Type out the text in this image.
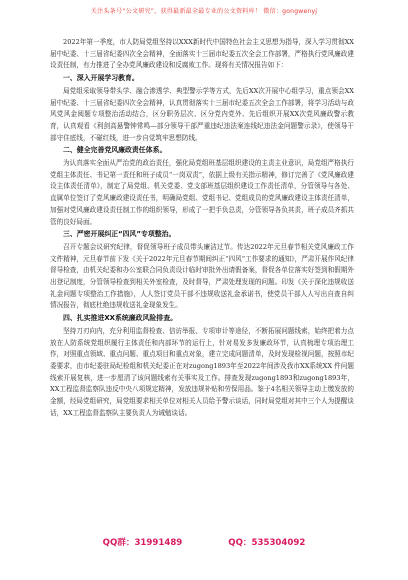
关注头条号“公文研究”，获得最新最全最专业的公文资料库！ 微信：gongwenyj

2022年第一季度，市人防局党组坚持以XXX新时代中国特色社会主义思想为指导，深入学习贯彻XX届中纪委、十三届省纪委四次全会精神，全面落实十三届市纪委五次全会工作部署，严格执行党风廉政建设责任制，有力推进了全办党风廉政建设和反腐败工作。现将有关情况报告如下：

一、深入开展学习教育。

局党组采取领导带头学、融合渗透学、典型警示学等方式，先后XX次开展中心组学习，重点领会XX届中纪委、十三届省纪委四次全会精神，认真贯彻落实十三届市纪委五次全会工作部署，将学习活动与政风党风金阅题专项整治活动结合，区分职务层次、区分党内党外、先后组织开展XX次党风廉政警示教育，认真观看《利剑高悬警钟常鸣—部分领导干部严重违纪违法案连线纪违法金问题警示录》，使领导干部守住底线，不碰红线，进一步自觉筑牢思想防线。

二、健全完善党风廉政责任体系。

为认真落实全面从严治党的政治责任，强化局党组班基层组织建设的主责主业意识，局党组严格执行党组主体责任、书记第一责任和班子成员“一岗双责”，依据上级有关指示精神，修订完善了《党风廉政建设主体责任清单》，制定了局党组、机关党委、党支部班基层组织建设工作责任清单，分管领导与各处、直属单位签订了党风廉政建设责任书，明确局党组、党组书记、党组成员的党风廉政建设主体责任清单，加强对党风廉政建设责任制工作的组织领导，形成了一把手负总责，分管领导各负其责，班子成员齐抓共管的良好局面。

三、严密开展纠正“四风”专项整治。

召开专题会议研究纪律，督促领导班子成员带头廉洁过节。传达2022年元旦春节相关党风廉政工作文件精神，元旦春节前下发《关于2022年元旦春节期间纠正“四风”工作要求的通知》，严肃开展作风纪律督导检查，由机关纪委和办公室联合同负责设计临时审批外出请假备案，督促各单位落实好签到和假期外出登记制度，分管领导检查到相关外室检查，及时督导，严肃处理发现的问题。印发《关于深化违规收送礼金问题专项整治工作措施》，人人签订党员干部不违规收送礼金承诺书，使党员干部人人写出自查自纠情况报告，彻底杜绝违规收送礼金现象发生。

四、扎实推进XX系统廉政风险排查。

坚持刀刃向内，充分利用监督检查、信访举报、专项审计等途径，不断拓展问题线索，始终把着力点放在人防系统党组织履行主体责任和内部环节的运行上，针对易发多发廉政环节，认真梳理专项治理工作，对照重点领域、重点问题、重点项目和重点对象，建立完成问题清单，及时发现检视问题，按照市纪委要求，由市纪委驻局纪检组和机关纪委正在对zugong1893年至2022年间涉及我市XX系统XX 件问题线索开展复核，进一步厘清了该问题线索有关事实及工作。排查发现zugong1893和zugong1893年，XX工程监督监察队违反中央八项规定精神，发放违规补贴和劳保用品。鉴于4名相关领导主动上缴发放的金额，经局党组研究，局党组要求相关单位对相关人员给予警示谈话，同时局党组对其中三个人为提醒谈话，XX工程监督监察队主要负责人为诫勉谈话。

QQ群：31991489	QQ：535304092
